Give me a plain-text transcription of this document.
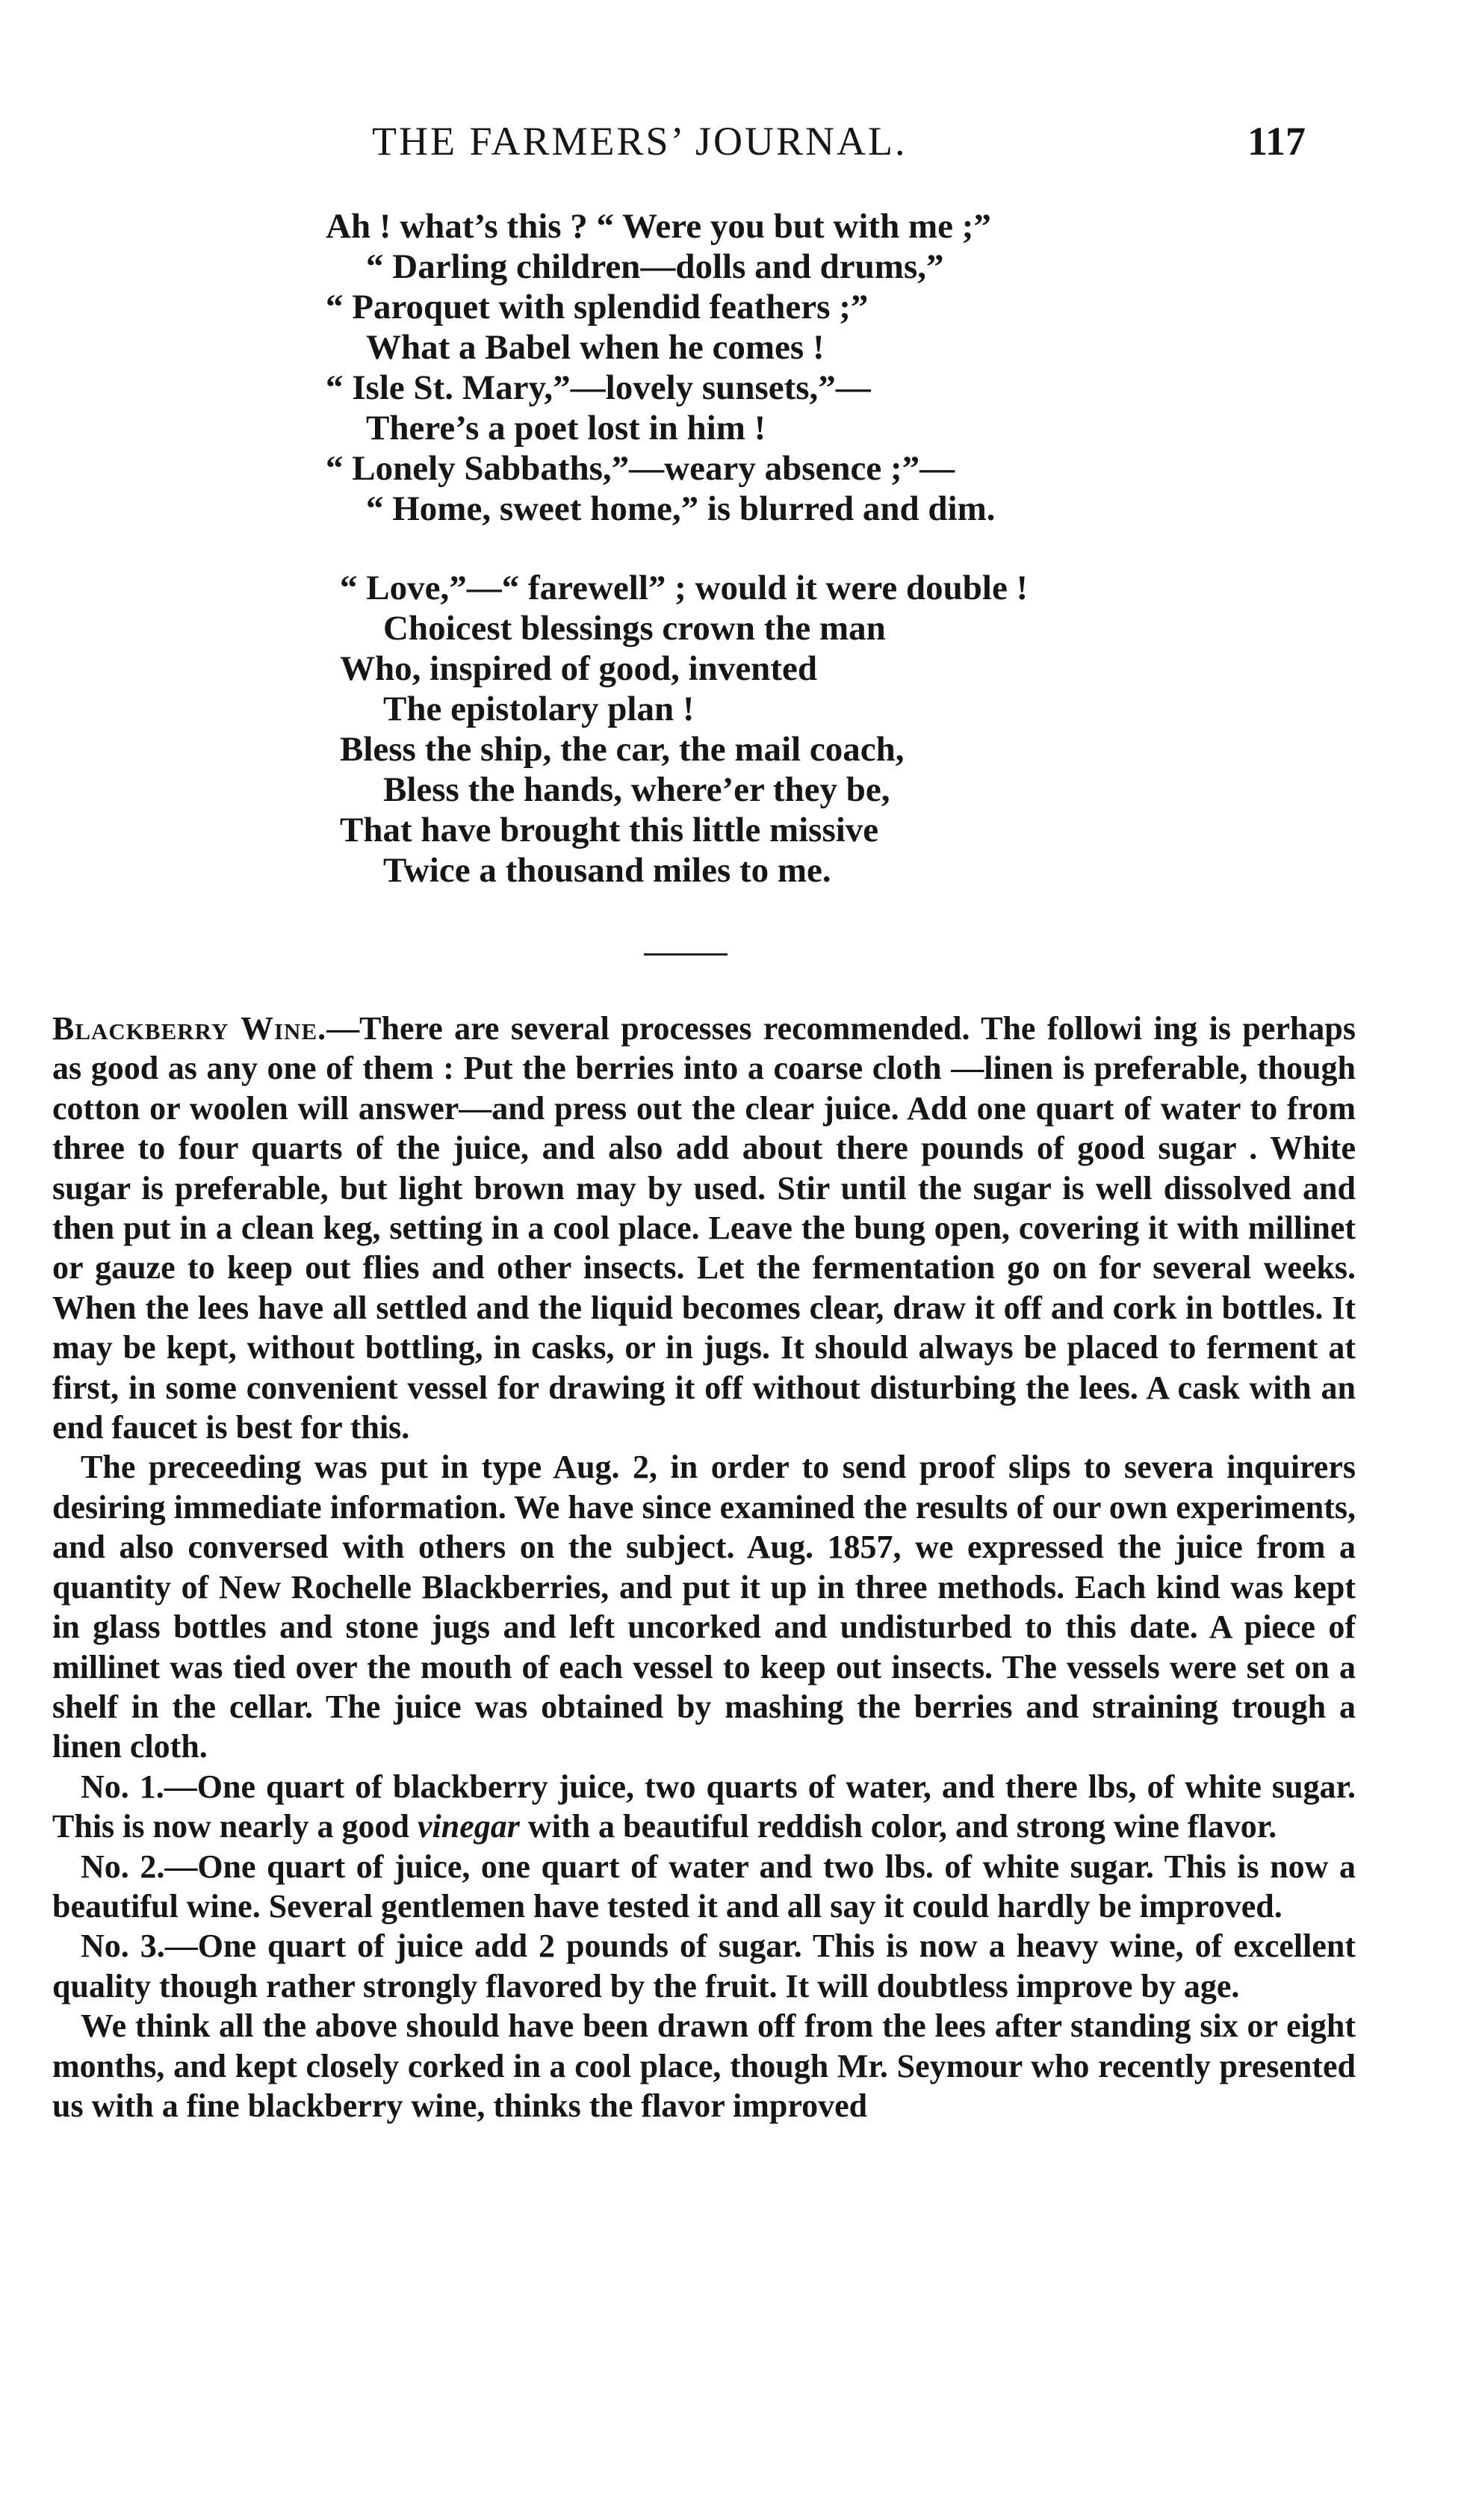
THE FARMERS’ JOURNAL.	117
Ah ! what’s this ? “ Were you but with me ;”
“ Darling children—dolls and drums,”
“ Paroquet with splendid feathers ;”
What a Babel when he comes !
“ Isle St. Mary,”—lovely sunsets,”—
There’s a poet lost in him !
“ Lonely Sabbaths,”—weary absence ;”—
“ Home, sweet home,” is blurred and dim.
“ Love,”—“ farewell” ; would it were double !
Choicest blessings crown the man
Who, inspired of good, invented
The epistolary plan !
Bless the ship, the car, the mail coach,
Bless the hands, where’er they be,
That have brought this little missive
Twice a thousand miles to me.

Blackberry Wine.—There are several processes recommended. The followi ing is perhaps as good as any one of them : Put the berries into a coarse cloth —linen is preferable, though cotton or woolen will answer—and press out the clear juice. Add one quart of water to from three to four quarts of the juice, and also add about there pounds of good sugar . White sugar is preferable, but light brown may by used. Stir until the sugar is well dissolved and then put in a clean keg, setting in a cool place. Leave the bung open, covering it with millinet or gauze to keep out flies and other insects. Let the fermentation go on for several weeks. When the lees have all settled and the liquid becomes clear, draw it off and cork in bottles. It may be kept, without bottling, in casks, or in jugs. It should always be placed to ferment at first, in some convenient vessel for drawing it off without disturbing the lees. A cask with an end faucet is best for this.

The preceeding was put in type Aug. 2, in order to send proof slips to severa inquirers desiring immediate information. We have since examined the results of our own experiments, and also conversed with others on the subject. Aug. 1857, we expressed the juice from a quantity of New Rochelle Blackberries, and put it up in three methods. Each kind was kept in glass bottles and stone jugs and left uncorked and undisturbed to this date. A piece of millinet was tied over the mouth of each vessel to keep out insects. The vessels were set on a shelf in the cellar. The juice was obtained by mashing the berries and straining trough a linen cloth.

No. 1.—One quart of blackberry juice, two quarts of water, and there lbs, of white sugar. This is now nearly a good vinegar with a beautiful reddish color, and strong wine flavor.

No. 2.—One quart of juice, one quart of water and two lbs. of white sugar. This is now a beautiful wine. Several gentlemen have tested it and all say it could hardly be improved.

No. 3.—One quart of juice add 2 pounds of sugar. This is now a heavy wine, of excellent quality though rather strongly flavored by the fruit. It will doubtless improve by age.

We think all the above should have been drawn off from the lees after standing six or eight months, and kept closely corked in a cool place, though Mr. Seymour who recently presented us with a fine blackberry wine, thinks the flavor improved
